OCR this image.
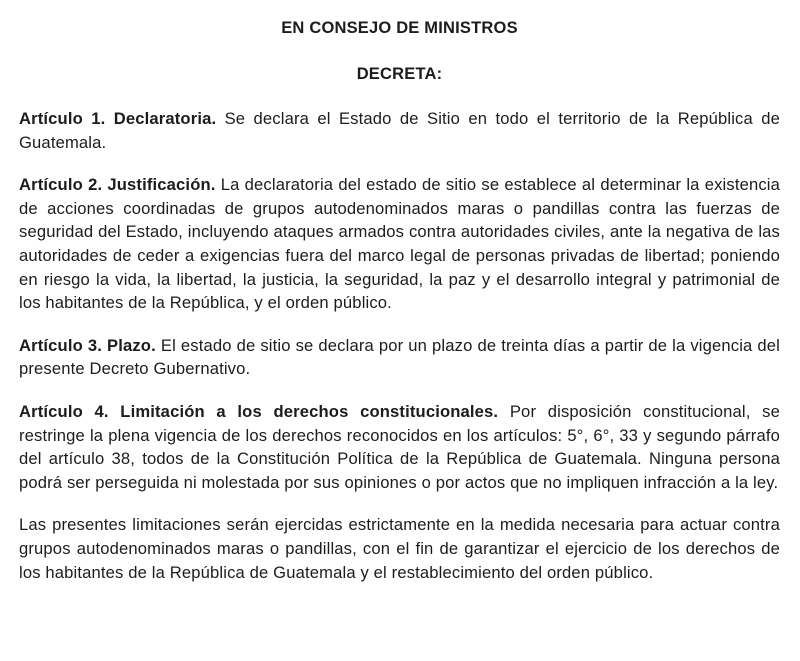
EN CONSEJO DE MINISTROS

DECRETA:

Artículo 1. Declaratoria. Se declara el Estado de Sitio en todo el territorio de la República de Guatemala.

Artículo 2. Justificación. La declaratoria del estado de sitio se establece al determinar la existencia de acciones coordinadas de grupos autodenominados maras o pandillas contra las fuerzas de seguridad del Estado, incluyendo ataques armados contra autoridades civiles, ante la negativa de las autoridades de ceder a exigencias fuera del marco legal de personas privadas de libertad; poniendo en riesgo la vida, la libertad, la justicia, la seguridad, la paz y el desarrollo integral y patrimonial de los habitantes de la República, y el orden público.

Artículo 3. Plazo. El estado de sitio se declara por un plazo de treinta días a partir de la vigencia del presente Decreto Gubernativo.

Artículo 4. Limitación a los derechos constitucionales. Por disposición constitucional, se restringe la plena vigencia de los derechos reconocidos en los artículos: 5°, 6°, 33 y segundo párrafo del artículo 38, todos de la Constitución Política de la República de Guatemala. Ninguna persona podrá ser perseguida ni molestada por sus opiniones o por actos que no impliquen infracción a la ley.

Las presentes limitaciones serán ejercidas estrictamente en la medida necesaria para actuar contra grupos autodenominados maras o pandillas, con el fin de garantizar el ejercicio de los derechos de los habitantes de la República de Guatemala y el restablecimiento del orden público.
